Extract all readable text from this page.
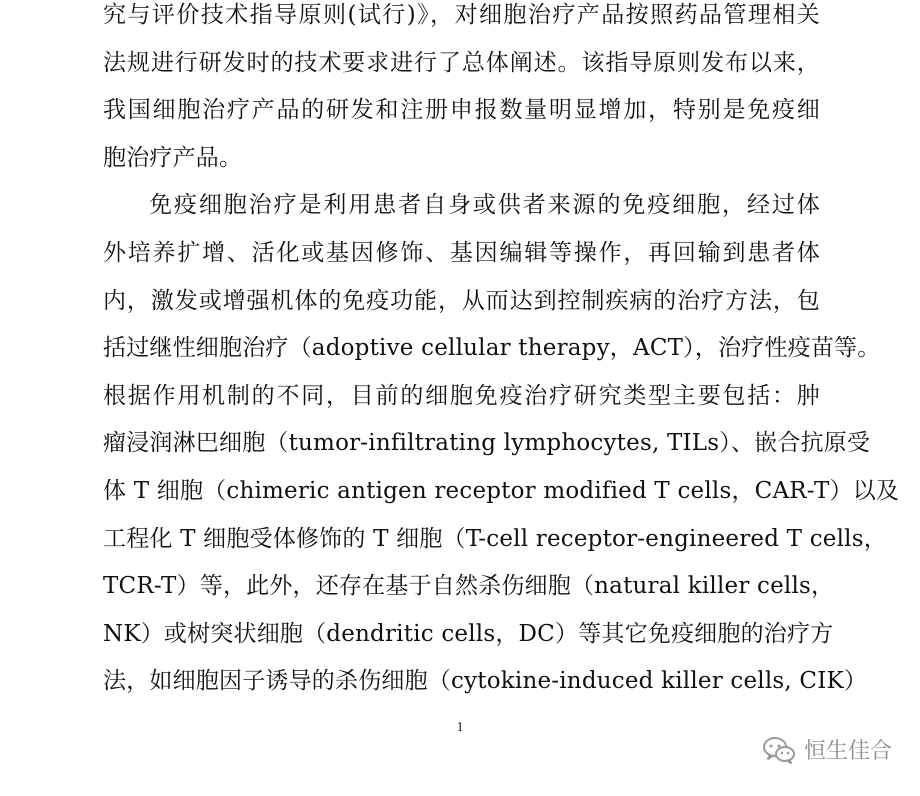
究与评价技术指导原则(试行)》，对细胞治疗产品按照药品管理相关
法规进行研发时的技术要求进行了总体阐述。该指导原则发布以来，
我国细胞治疗产品的研发和注册申报数量明显增加，特别是免疫细
胞治疗产品。
免疫细胞治疗是利用患者自身或供者来源的免疫细胞，经过体
外培养扩增、活化或基因修饰、基因编辑等操作，再回输到患者体
内，激发或增强机体的免疫功能，从而达到控制疾病的治疗方法，包
括过继性细胞治疗（adoptive cellular therapy，ACT），治疗性疫苗等。
根据作用机制的不同，目前的细胞免疫治疗研究类型主要包括：肿
瘤浸润淋巴细胞（tumor-infiltrating lymphocytes, TILs）、嵌合抗原受
体 T 细胞（chimeric antigen receptor modified T cells，CAR-T）以及
工程化 T 细胞受体修饰的 T 细胞（T-cell receptor-engineered T cells，
TCR-T）等，此外，还存在基于自然杀伤细胞（natural killer cells，
NK）或树突状细胞（dendritic cells，DC）等其它免疫细胞的治疗方
法，如细胞因子诱导的杀伤细胞（cytokine-induced killer cells, CIK）
1
恒生佳合
